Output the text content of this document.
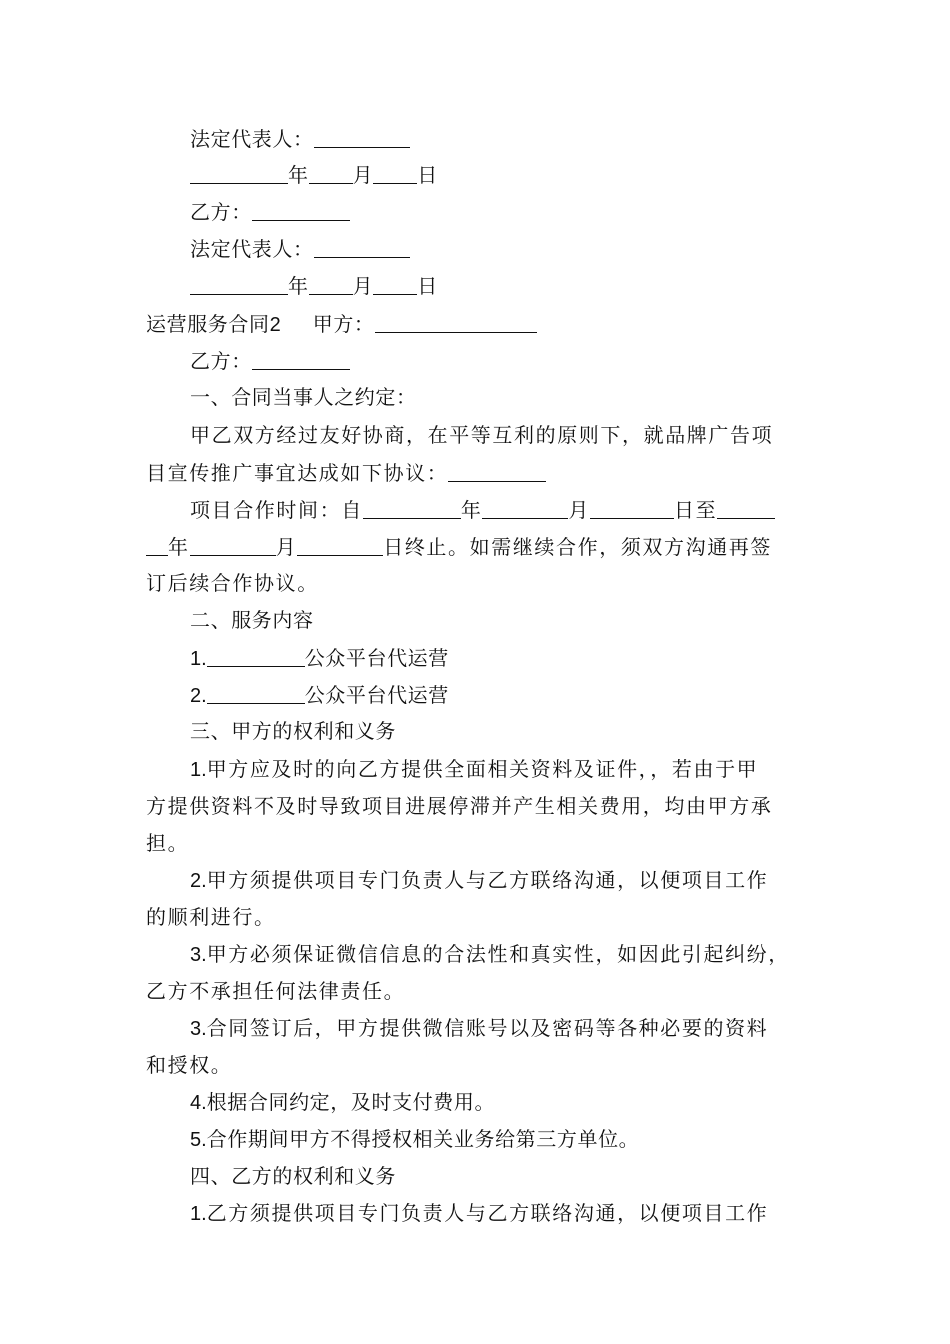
法定代表人：
年 月 日
乙方：
法定代表人：
年 月 日
运营服务合同2 甲方：
乙方：
一、合同当事人之约定：
甲乙双方经过友好协商，在平等互利的原则下，就品牌广告项
目宣传推广事宜达成如下协议：
项目合作时间：自	年	月	日至
年	月	日终止。如需继续合作，须双方沟通再签
订后续合作协议。
二、服务内容
1.	公众平台代运营
2.	公众平台代运营
三、甲方的权利和义务
1.甲方应及时的向乙方提供全面相关资料及证件，，若由于甲
方提供资料不及时导致项目进展停滞并产生相关费用，均由甲方承
担。
2.甲方须提供项目专门负责人与乙方联络沟通，以便项目工作
的顺利进行。
3.甲方必须保证微信信息的合法性和真实性，如因此引起纠纷，
乙方不承担任何法律责任。
3.合同签订后，甲方提供微信账号以及密码等各种必要的资料
和授权。
4.根据合同约定，及时支付费用。
5.合作期间甲方不得授权相关业务给第三方单位。
四、乙方的权利和义务
1.乙方须提供项目专门负责人与乙方联络沟通，以便项目工作
